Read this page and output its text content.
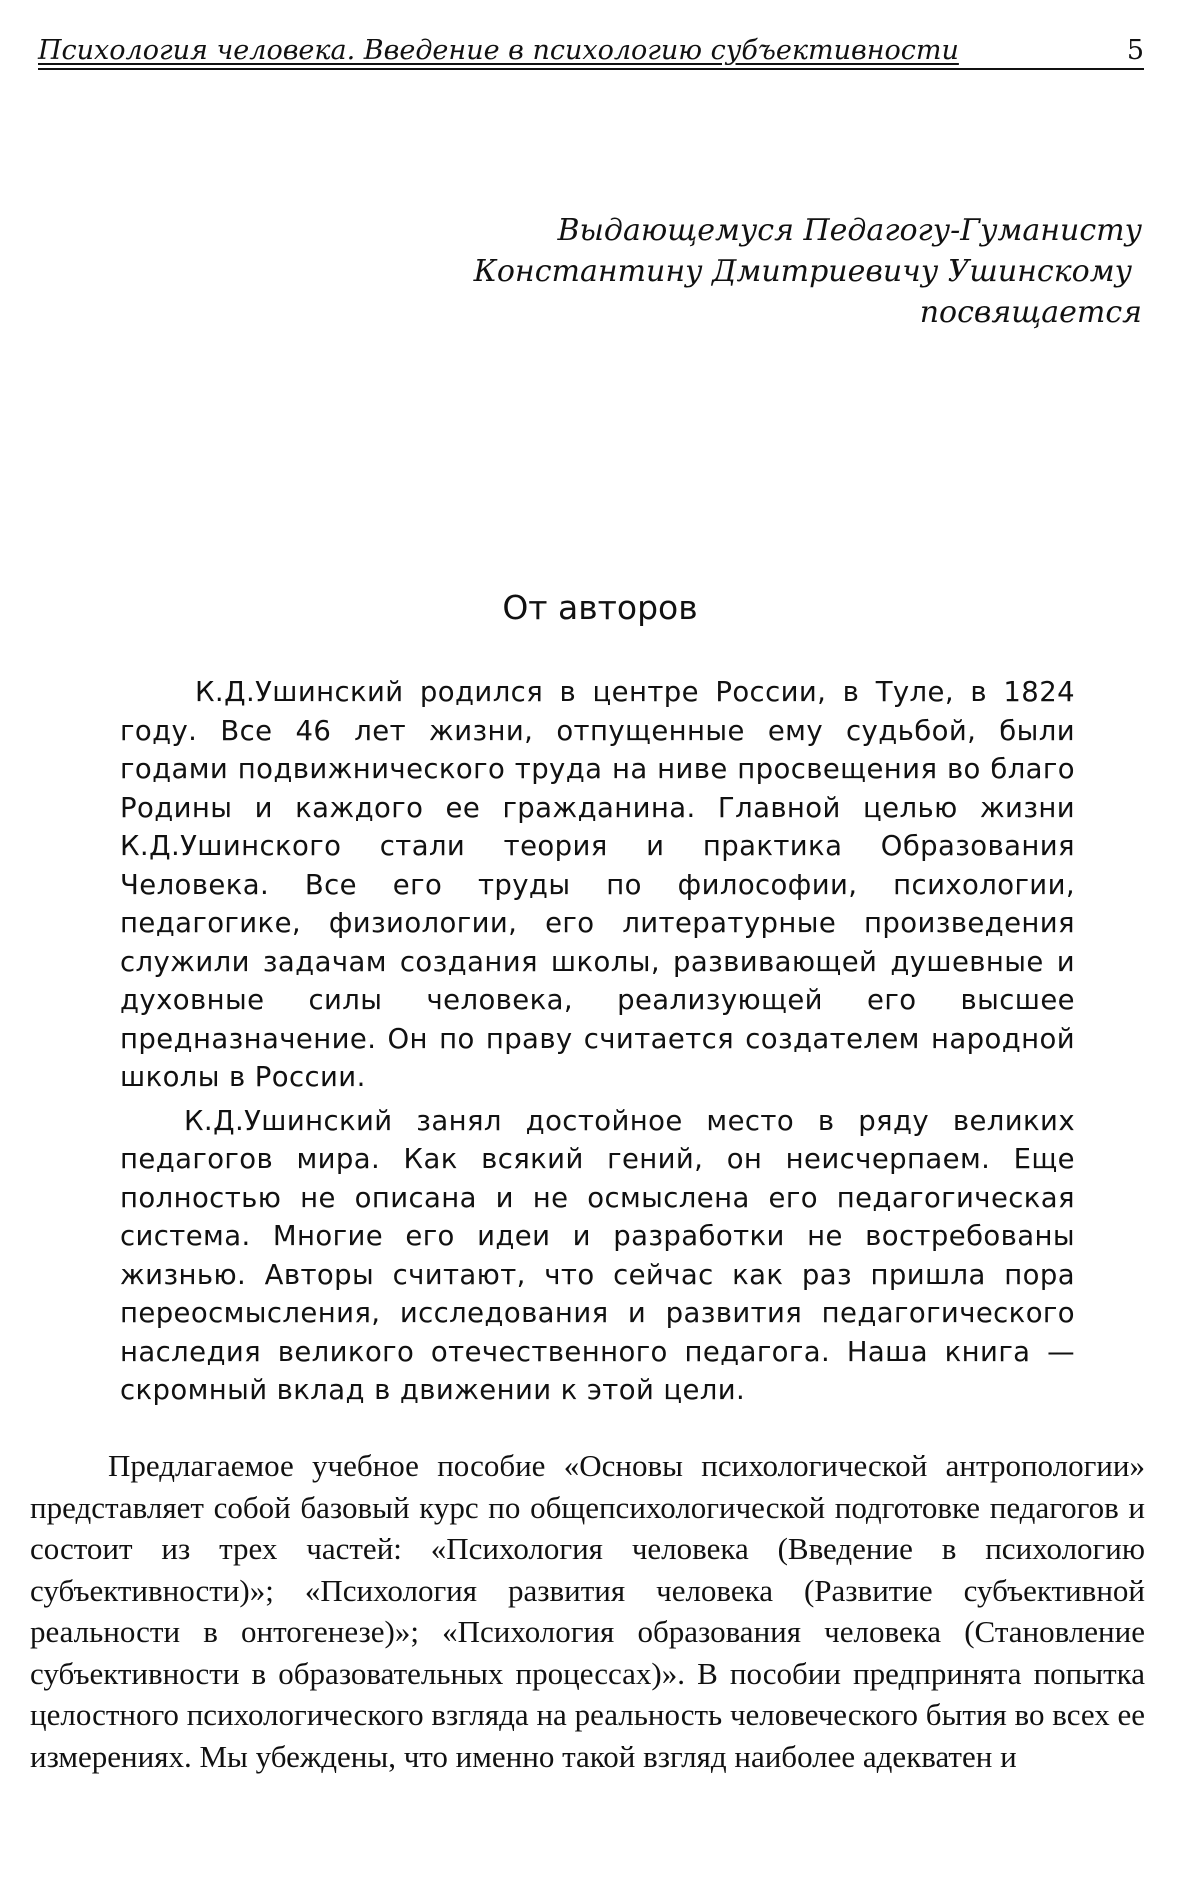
Психология человека. Введение в психологию субъективности	5
Выдающемуся Педагогу-Гуманисту
Константину Дмитриевичу Ушинскому
посвящается
От авторов

К.Д.Ушинский родился в центре России, в Туле, в 1824 году. Все 46 лет жизни, отпущенные ему судьбой, были годами подвижнического труда на ниве просвещения во благо Родины и каждого ее гражданина. Главной целью жизни К.Д.Ушинского стали теория и практика Образования Человека. Все его труды по философии, психологии, педагогике, физиологии, его литературные произведения служили задачам создания школы, развивающей душевные и духовные силы человека, реализующей его высшее предназначение. Он по праву считается создателем народной школы в России.

К.Д.Ушинский занял достойное место в ряду великих педагогов мира. Как всякий гений, он неисчерпаем. Еще полностью не описана и не осмыслена его педагогическая система. Многие его идеи и разработки не востребованы жизнью. Авторы считают, что сейчас как раз пришла пора переосмысления, исследования и развития педагогического наследия великого отечественного педагога. Наша книга — скромный вклад в движении к этой цели.

Предлагаемое учебное пособие «Основы психологической антропологии» представляет собой базовый курс по общепсихологической подготовке педагогов и состоит из трех частей: «Психология человека (Введение в психологию субъективности)»; «Психология развития человека (Развитие субъективной реальности в онтогенезе)»; «Психология образования человека (Становление субъективности в образовательных процессах)». В пособии предпринята попытка целостного психологического взгляда на реальность человеческого бытия во всех ее измерениях. Мы убеждены, что именно такой взгляд наиболее адекватен и
